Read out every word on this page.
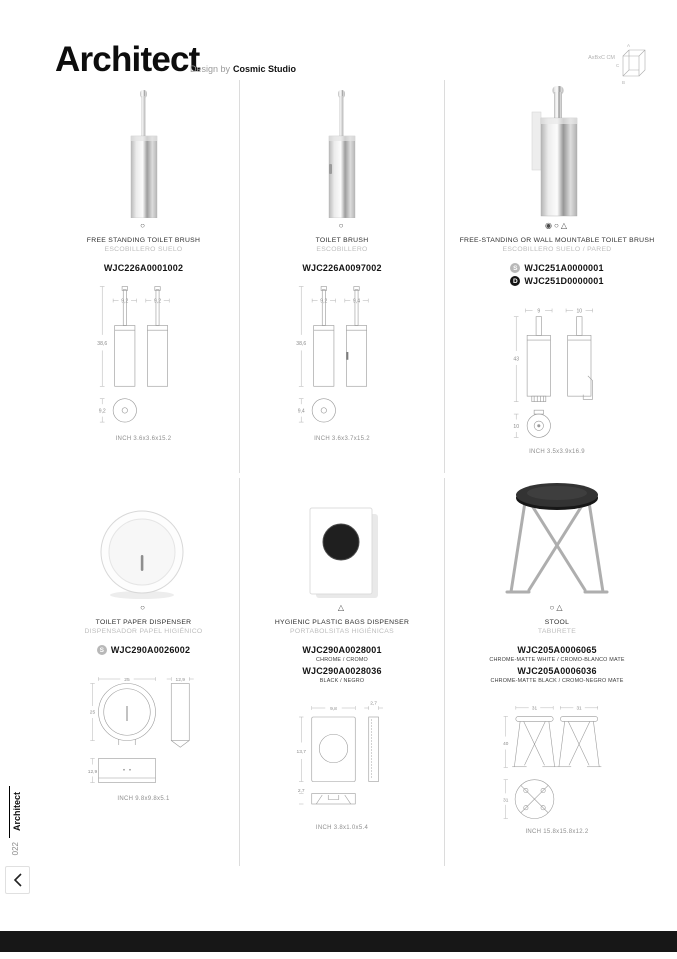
Architect
Design by Cosmic Studio
AxBxC CM
A
C
B
○
FREE STANDING TOILET BRUSH
ESCOBILLERO SUELO
WJC226A0001002
9,2	9,2
38,6
9,2
INCH 3.6x3.6x15.2
○
TOILET BRUSH
ESCOBILLERO
WJC226A0097002
9,2	9,4
38,6
9,4
INCH 3.6x3.7x15.2
◉○△
FREE-STANDING OR WALL MOUNTABLE TOILET BRUSH
ESCOBILLERO SUELO / PARED
S WJC251A0000001
D WJC251D0000001
9	10
43
10
INCH 3.5x3.9x16.9
○
TOILET PAPER DISPENSER
DISPENSADOR PAPEL HIGIÉNICO
S WJC290A0026002
25
25
12,9
12,9
INCH 9.8x9.8x5.1
△
HYGIENIC PLASTIC BAGS DISPENSER
PORTABOLSITAS HIGIÉNICAS
WJC290A0028001
CHROME / CROMO
WJC290A0028036
BLACK / NEGRO
9,8
13,7
2,7
2,7
INCH 3.8x1.0x5.4
○△
STOOL
TABURETE
WJC205A0006065
CHROME-MATTE WHITE / CROMO-BLANCO MATE
WJC205A0006036
CHROME-MATTE BLACK / CROMO-NEGRO MATE
31	31
40
31
INCH 15.8x15.8x12.2
Architect
022
